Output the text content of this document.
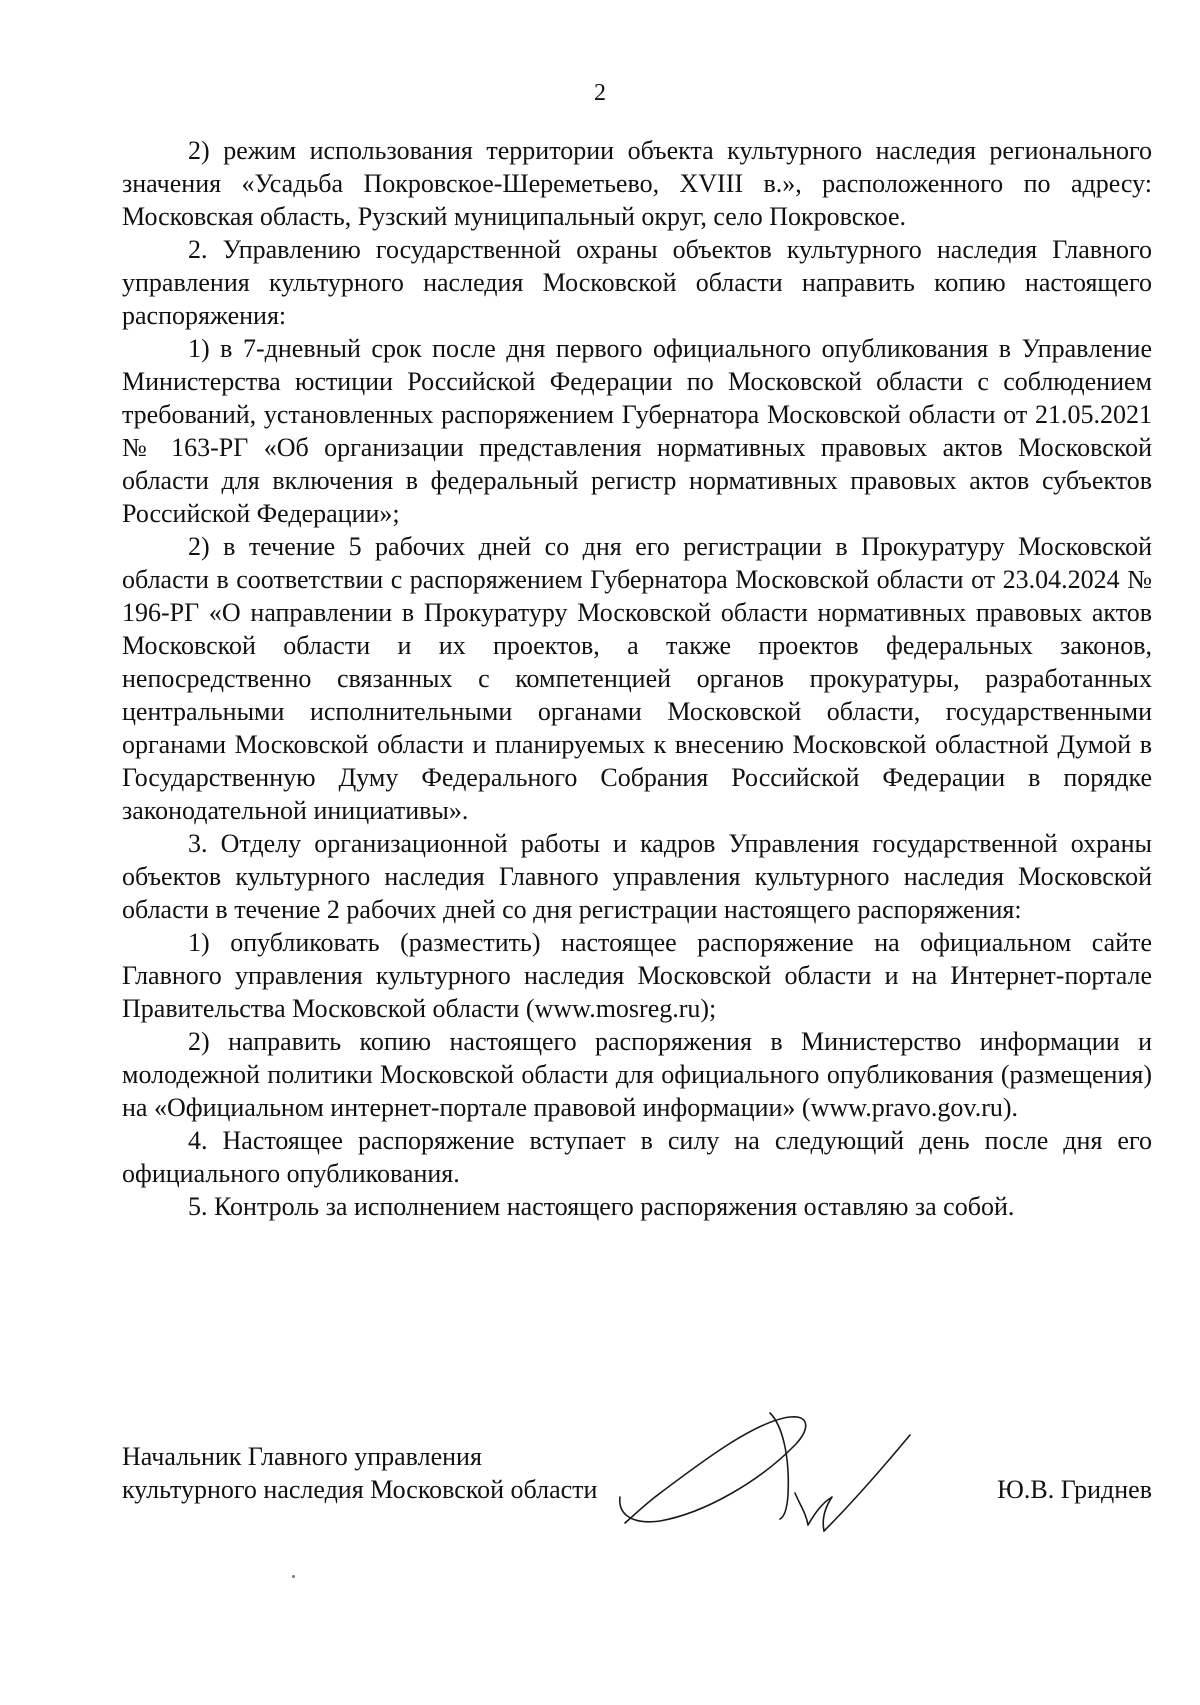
2

2) режим использования территории объекта культурного наследия регионального значения «Усадьба Покровское-Шереметьево, XVIII в.», расположенного по адресу: Московская область, Рузский муниципальный округ, село Покровское.

2. Управлению государственной охраны объектов культурного наследия Главного управления культурного наследия Московской области направить копию настоящего распоряжения:

1) в 7-дневный срок после дня первого официального опубликования в Управление Министерства юстиции Российской Федерации по Московской области с соблюдением требований, установленных распоряжением Губернатора Московской области от 21.05.2021 № 163-РГ «Об организации представления нормативных правовых актов Московской области для включения в федеральный регистр нормативных правовых актов субъектов Российской Федерации»;

2) в течение 5 рабочих дней со дня его регистрации в Прокуратуру Московской области в соответствии с распоряжением Губернатора Московской области от 23.04.2024 № 196-РГ «О направлении в Прокуратуру Московской области нормативных правовых актов Московской области и их проектов, а также проектов федеральных законов, непосредственно связанных с компетенцией органов прокуратуры, разработанных центральными исполнительными органами Московской области, государственными органами Московской области и планируемых к внесению Московской областной Думой в Государственную Думу Федерального Собрания Российской Федерации в порядке законодательной инициативы».

3. Отделу организационной работы и кадров Управления государственной охраны объектов культурного наследия Главного управления культурного наследия Московской области в течение 2 рабочих дней со дня регистрации настоящего распоряжения:

1) опубликовать (разместить) настоящее распоряжение на официальном сайте Главного управления культурного наследия Московской области и на Интернет-портале Правительства Московской области (www.mosreg.ru);

2) направить копию настоящего распоряжения в Министерство информации и молодежной политики Московской области для официального опубликования (размещения) на «Официальном интернет-портале правовой информации» (www.pravo.gov.ru).

4. Настоящее распоряжение вступает в силу на следующий день после дня его официального опубликования.

5. Контроль за исполнением настоящего распоряжения оставляю за собой.

Начальник Главного управления
культурного наследия Московской области	Ю.В. Гриднев
